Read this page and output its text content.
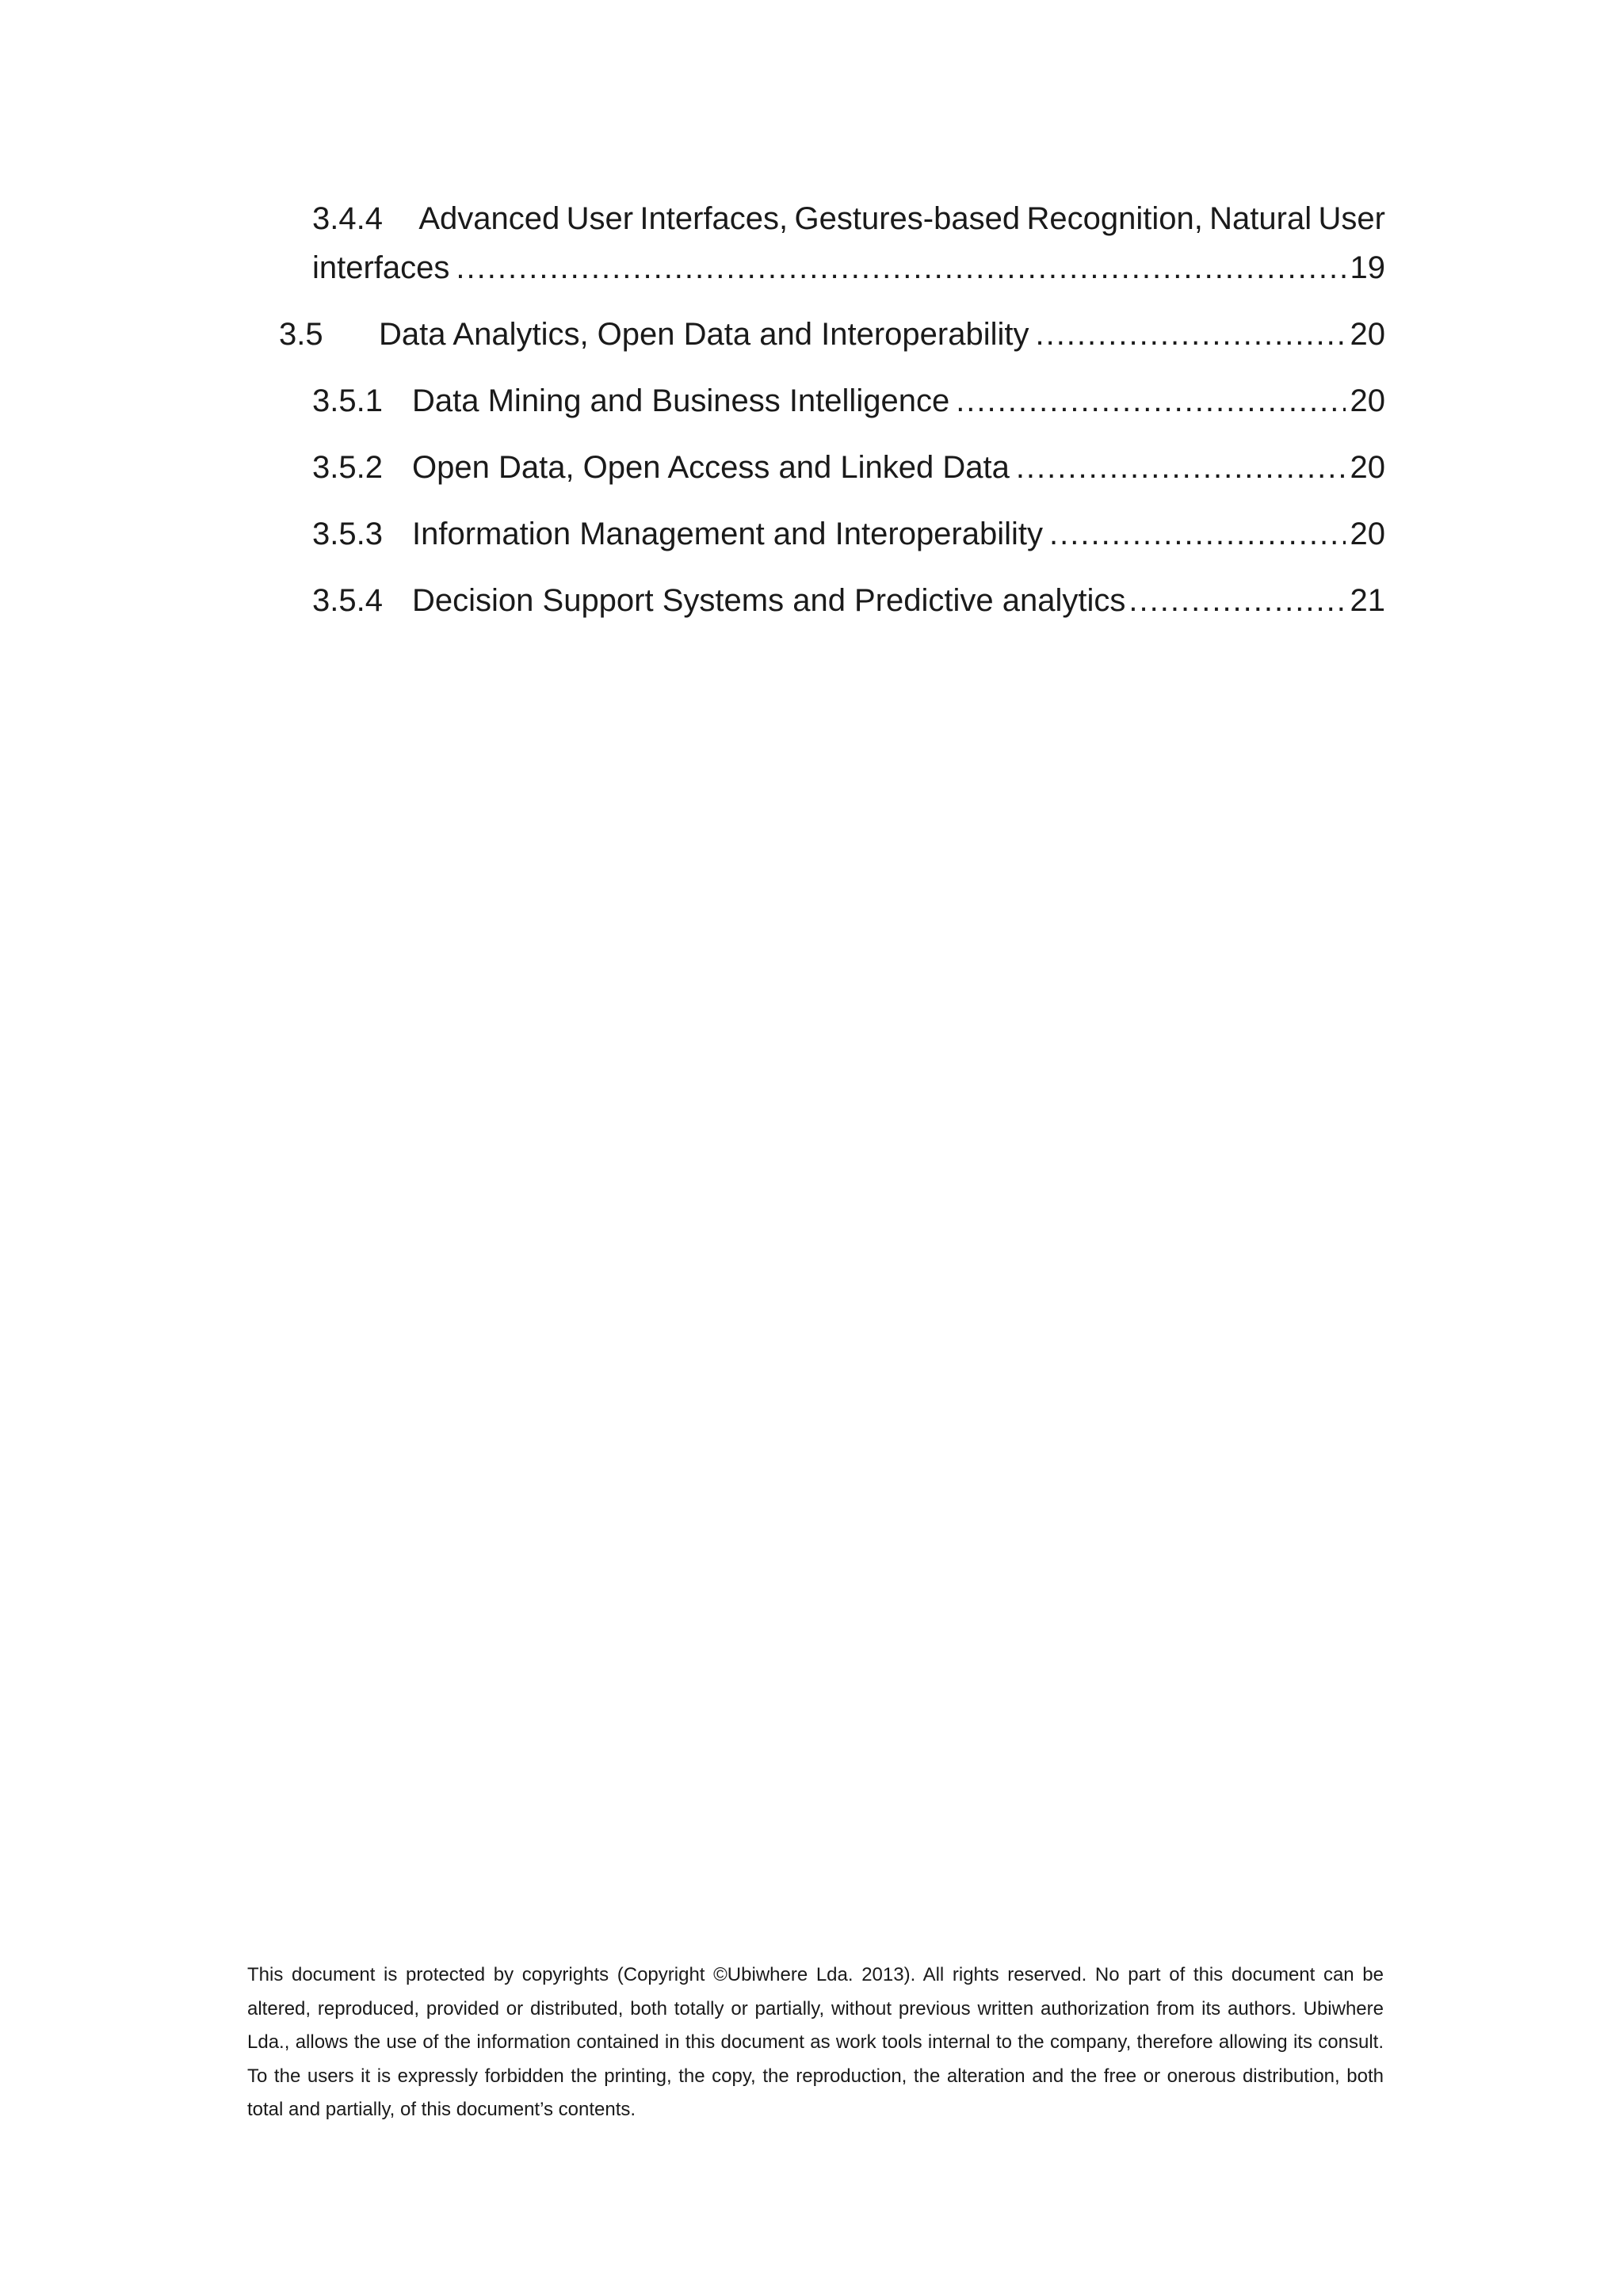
3.4.4	Advanced User Interfaces, Gestures-based Recognition, Natural User
interfaces .....	19
3.5	Data Analytics, Open Data and Interoperability .....	20
3.5.1 Data Mining and Business Intelligence .....	20
3.5.2 Open Data, Open Access and Linked Data .....	20
3.5.3 Information Management and Interoperability .....	20
3.5.4 Decision Support Systems and Predictive analytics .....	21
This document is protected by copyrights (Copyright ©Ubiwhere Lda. 2013). All rights reserved. No part of this document can be altered, reproduced, provided or distributed, both totally or partially, without previous written authorization from its authors. Ubiwhere Lda., allows the use of the information contained in this document as work tools internal to the company, therefore allowing its consult. To the users it is expressly forbidden the printing, the copy, the reproduction, the alteration and the free or onerous distribution, both total and partially, of this document’s contents.
